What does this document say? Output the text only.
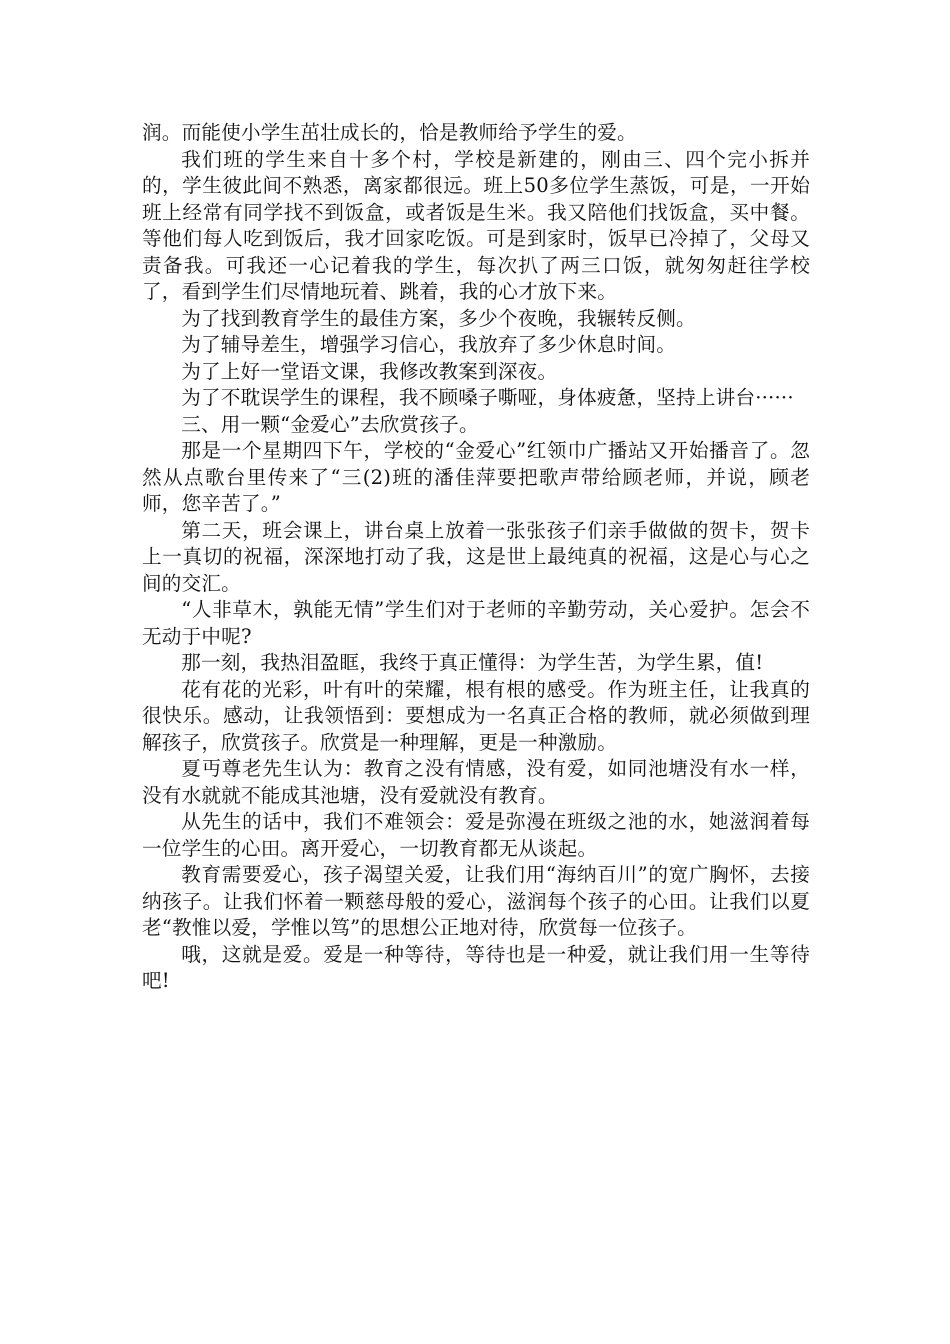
润。而能使小学生茁壮成长的，恰是教师给予学生的爱。

我们班的学生来自十多个村，学校是新建的，刚由三、四个完小拆并的，学生彼此间不熟悉，离家都很远。班上50多位学生蒸饭，可是，一开始班上经常有同学找不到饭盒，或者饭是生米。我又陪他们找饭盒，买中餐。等他们每人吃到饭后，我才回家吃饭。可是到家时，饭早已冷掉了，父母又责备我。可我还一心记着我的学生，每次扒了两三口饭，就匆匆赶往学校了，看到学生们尽情地玩着、跳着，我的心才放下来。

为了找到教育学生的最佳方案，多少个夜晚，我辗转反侧。

为了辅导差生，增强学习信心，我放弃了多少休息时间。

为了上好一堂语文课，我修改教案到深夜。

为了不耽误学生的课程，我不顾嗓子嘶哑，身体疲惫，坚持上讲台······

三、用一颗“金爱心”去欣赏孩子。

那是一个星期四下午，学校的“金爱心”红领巾广播站又开始播音了。忽然从点歌台里传来了“三(2)班的潘佳萍要把歌声带给顾老师，并说，顾老师，您辛苦了。”

第二天，班会课上，讲台桌上放着一张张孩子们亲手做做的贺卡，贺卡上一真切的祝福，深深地打动了我，这是世上最纯真的祝福，这是心与心之间的交汇。

“人非草木，孰能无情”学生们对于老师的辛勤劳动，关心爱护。怎会不无动于中呢?

那一刻，我热泪盈眶，我终于真正懂得：为学生苦，为学生累，值!

花有花的光彩，叶有叶的荣耀，根有根的感受。作为班主任，让我真的很快乐。感动，让我领悟到：要想成为一名真正合格的教师，就必须做到理解孩子，欣赏孩子。欣赏是一种理解，更是一种激励。

夏丏尊老先生认为：教育之没有情感，没有爱，如同池塘没有水一样，没有水就就不能成其池塘，没有爱就没有教育。

从先生的话中，我们不难领会：爱是弥漫在班级之池的水，她滋润着每一位学生的心田。离开爱心，一切教育都无从谈起。

教育需要爱心，孩子渴望关爱，让我们用“海纳百川”的宽广胸怀，去接纳孩子。让我们怀着一颗慈母般的爱心，滋润每个孩子的心田。让我们以夏老“教惟以爱，学惟以笃”的思想公正地对待，欣赏每一位孩子。

哦，这就是爱。爱是一种等待，等待也是一种爱，就让我们用一生等待吧!
